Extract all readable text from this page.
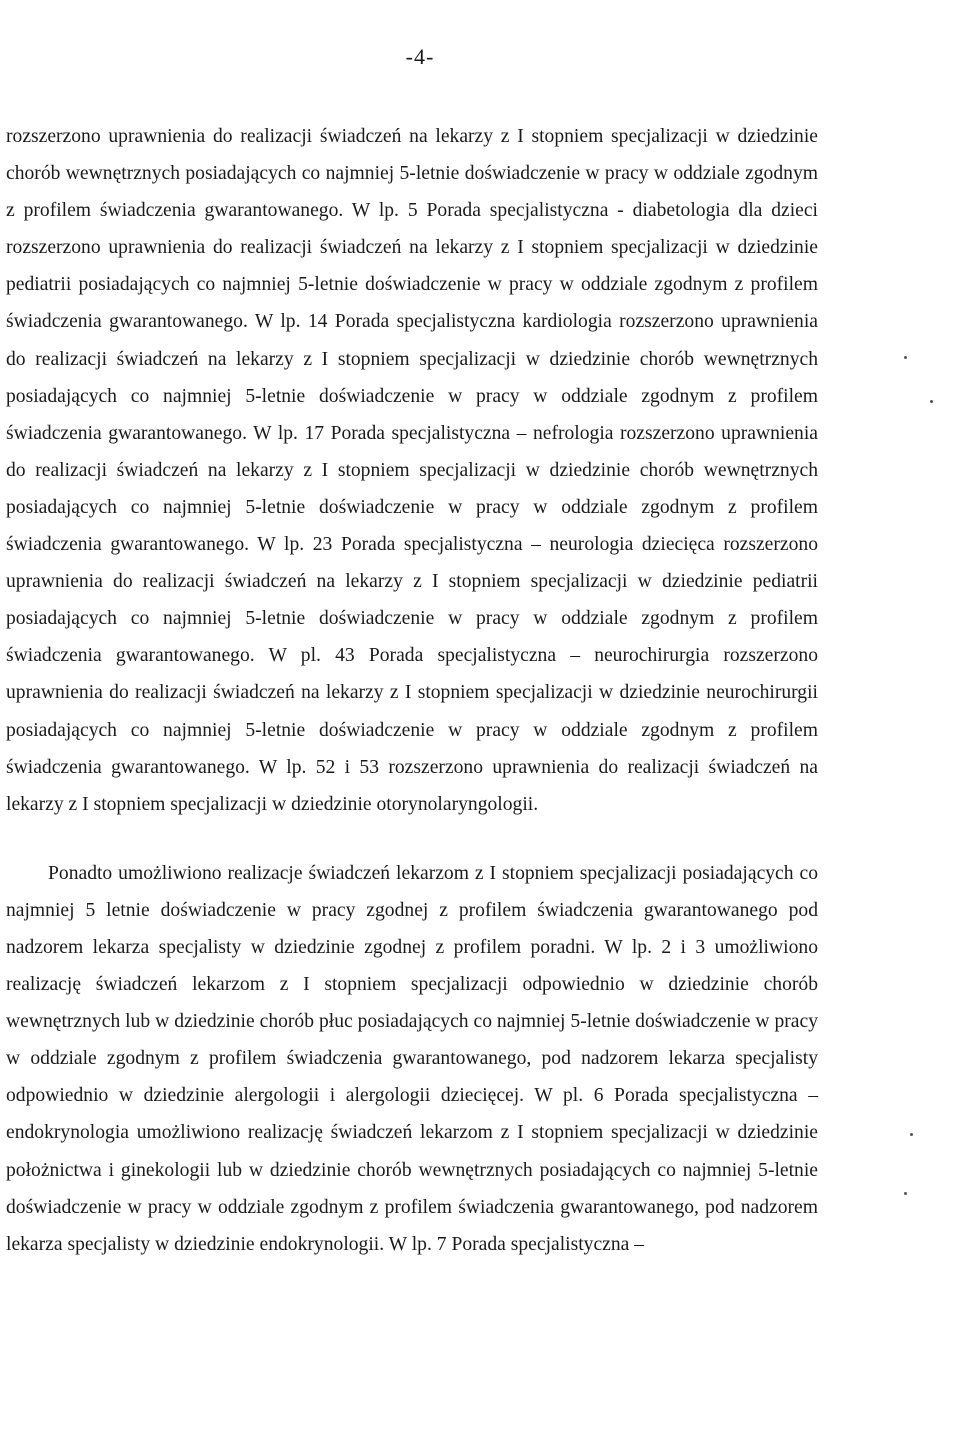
-4-

rozszerzono uprawnienia do realizacji świadczeń na lekarzy z I stopniem specjalizacji w dziedzinie chorób wewnętrznych posiadających co najmniej 5-letnie doświadczenie w pracy w oddziale zgodnym z profilem świadczenia gwarantowanego. W lp. 5 Porada specjalistyczna - diabetologia dla dzieci rozszerzono uprawnienia do realizacji świadczeń na lekarzy z I stopniem specjalizacji w dziedzinie pediatrii posiadających co najmniej 5-letnie doświadczenie w pracy w oddziale zgodnym z profilem świadczenia gwarantowanego. W lp. 14 Porada specjalistyczna kardiologia rozszerzono uprawnienia do realizacji świadczeń na lekarzy z I stopniem specjalizacji w dziedzinie chorób wewnętrznych posiadających co najmniej 5-letnie doświadczenie w pracy w oddziale zgodnym z profilem świadczenia gwarantowanego. W lp. 17 Porada specjalistyczna – nefrologia rozszerzono uprawnienia do realizacji świadczeń na lekarzy z I stopniem specjalizacji w dziedzinie chorób wewnętrznych posiadających co najmniej 5-letnie doświadczenie w pracy w oddziale zgodnym z profilem świadczenia gwarantowanego. W lp. 23 Porada specjalistyczna – neurologia dziecięca rozszerzono uprawnienia do realizacji świadczeń na lekarzy z I stopniem specjalizacji w dziedzinie pediatrii posiadających co najmniej 5-letnie doświadczenie w pracy w oddziale zgodnym z profilem świadczenia gwarantowanego. W pl. 43 Porada specjalistyczna – neurochirurgia rozszerzono uprawnienia do realizacji świadczeń na lekarzy z I stopniem specjalizacji w dziedzinie neurochirurgii posiadających co najmniej 5-letnie doświadczenie w pracy w oddziale zgodnym z profilem świadczenia gwarantowanego. W lp. 52 i 53 rozszerzono uprawnienia do realizacji świadczeń na lekarzy z I stopniem specjalizacji w dziedzinie otorynolaryngologii.

Ponadto umożliwiono realizacje świadczeń lekarzom z I stopniem specjalizacji posiadających co najmniej 5 letnie doświadczenie w pracy zgodnej z profilem świadczenia gwarantowanego pod nadzorem lekarza specjalisty w dziedzinie zgodnej z profilem poradni. W lp. 2 i 3 umożliwiono realizację świadczeń lekarzom z I stopniem specjalizacji odpowiednio w dziedzinie chorób wewnętrznych lub w dziedzinie chorób płuc posiadających co najmniej 5-letnie doświadczenie w pracy w oddziale zgodnym z profilem świadczenia gwarantowanego, pod nadzorem lekarza specjalisty odpowiednio w dziedzinie alergologii i alergologii dziecięcej. W pl. 6 Porada specjalistyczna – endokrynologia umożliwiono realizację świadczeń lekarzom z I stopniem specjalizacji w dziedzinie położnictwa i ginekologii lub w dziedzinie chorób wewnętrznych posiadających co najmniej 5-letnie doświadczenie w pracy w oddziale zgodnym z profilem świadczenia gwarantowanego, pod nadzorem lekarza specjalisty w dziedzinie endokrynologii. W lp. 7 Porada specjalistyczna –
